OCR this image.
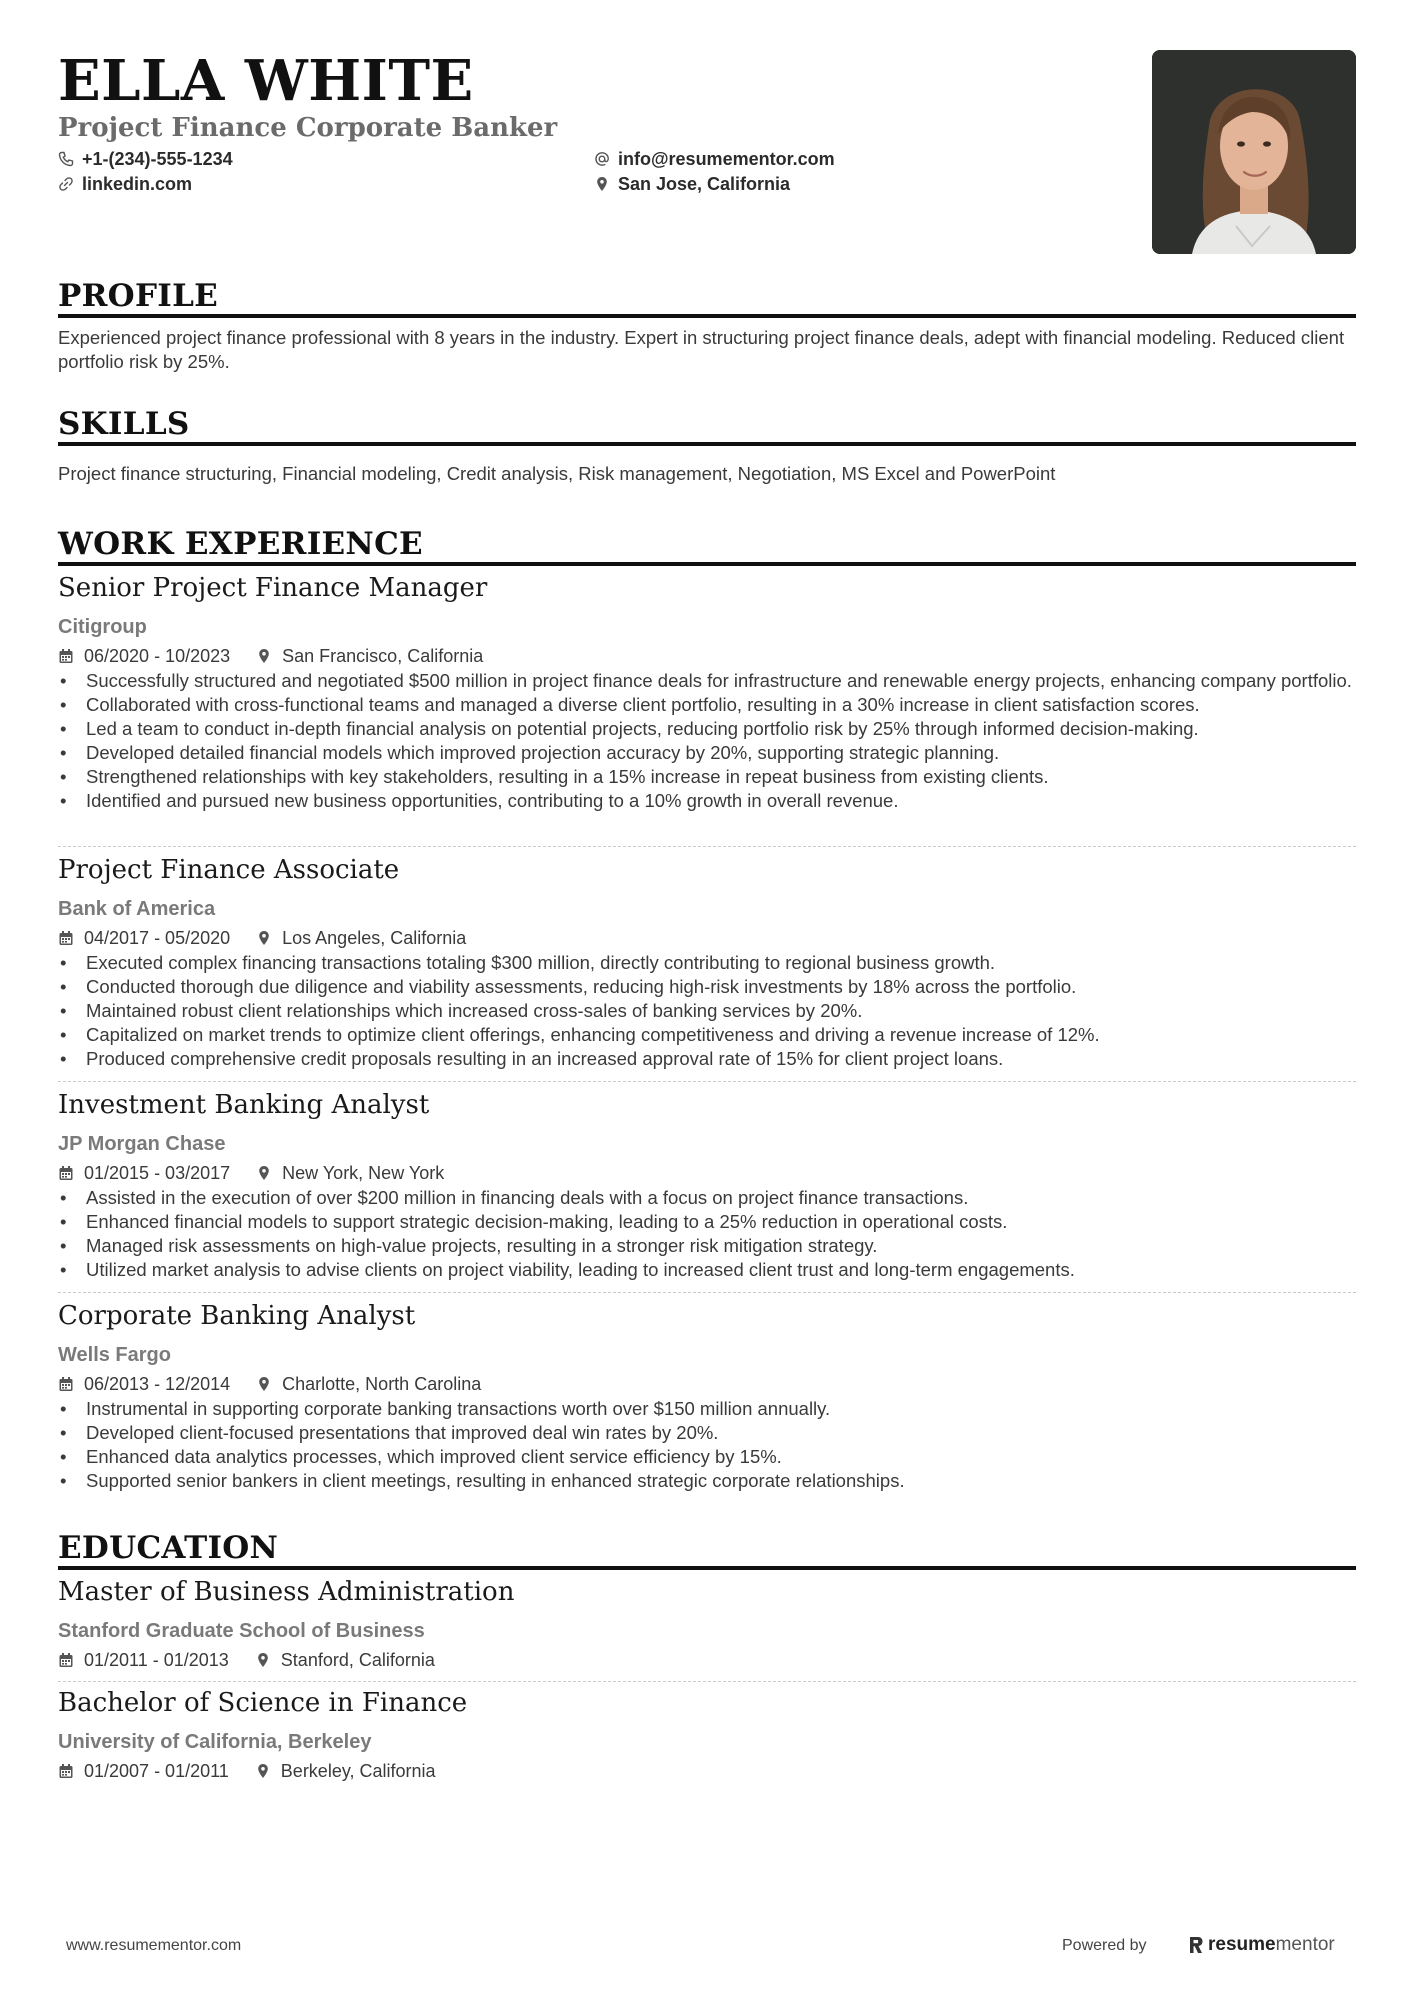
ELLA WHITE
Project Finance Corporate Banker
+1-(234)-555-1234
linkedin.com
info@resumementor.com
San Jose, California
PROFILE
Experienced project finance professional with 8 years in the industry. Expert in structuring project finance deals, adept with financial modeling. Reduced client portfolio risk by 25%.
SKILLS
Project finance structuring, Financial modeling, Credit analysis, Risk management, Negotiation, MS Excel and PowerPoint
WORK EXPERIENCE
Senior Project Finance Manager
Citigroup
06/2020 - 10/2023	San Francisco, California
• Successfully structured and negotiated $500 million in project finance deals for infrastructure and renewable energy projects, enhancing company portfolio.
• Collaborated with cross-functional teams and managed a diverse client portfolio, resulting in a 30% increase in client satisfaction scores.
• Led a team to conduct in-depth financial analysis on potential projects, reducing portfolio risk by 25% through informed decision-making.
• Developed detailed financial models which improved projection accuracy by 20%, supporting strategic planning.
• Strengthened relationships with key stakeholders, resulting in a 15% increase in repeat business from existing clients.
• Identified and pursued new business opportunities, contributing to a 10% growth in overall revenue.
Project Finance Associate
Bank of America
04/2017 - 05/2020	Los Angeles, California
• Executed complex financing transactions totaling $300 million, directly contributing to regional business growth.
• Conducted thorough due diligence and viability assessments, reducing high-risk investments by 18% across the portfolio.
• Maintained robust client relationships which increased cross-sales of banking services by 20%.
• Capitalized on market trends to optimize client offerings, enhancing competitiveness and driving a revenue increase of 12%.
• Produced comprehensive credit proposals resulting in an increased approval rate of 15% for client project loans.
Investment Banking Analyst
JP Morgan Chase
01/2015 - 03/2017	New York, New York
• Assisted in the execution of over $200 million in financing deals with a focus on project finance transactions.
• Enhanced financial models to support strategic decision-making, leading to a 25% reduction in operational costs.
• Managed risk assessments on high-value projects, resulting in a stronger risk mitigation strategy.
• Utilized market analysis to advise clients on project viability, leading to increased client trust and long-term engagements.
Corporate Banking Analyst
Wells Fargo
06/2013 - 12/2014	Charlotte, North Carolina
• Instrumental in supporting corporate banking transactions worth over $150 million annually.
• Developed client-focused presentations that improved deal win rates by 20%.
• Enhanced data analytics processes, which improved client service efficiency by 15%.
• Supported senior bankers in client meetings, resulting in enhanced strategic corporate relationships.
EDUCATION
Master of Business Administration
Stanford Graduate School of Business
01/2011 - 01/2013	Stanford, California
Bachelor of Science in Finance
University of California, Berkeley
01/2007 - 01/2011	Berkeley, California
www.resumementor.com	Powered by	resume mentor
